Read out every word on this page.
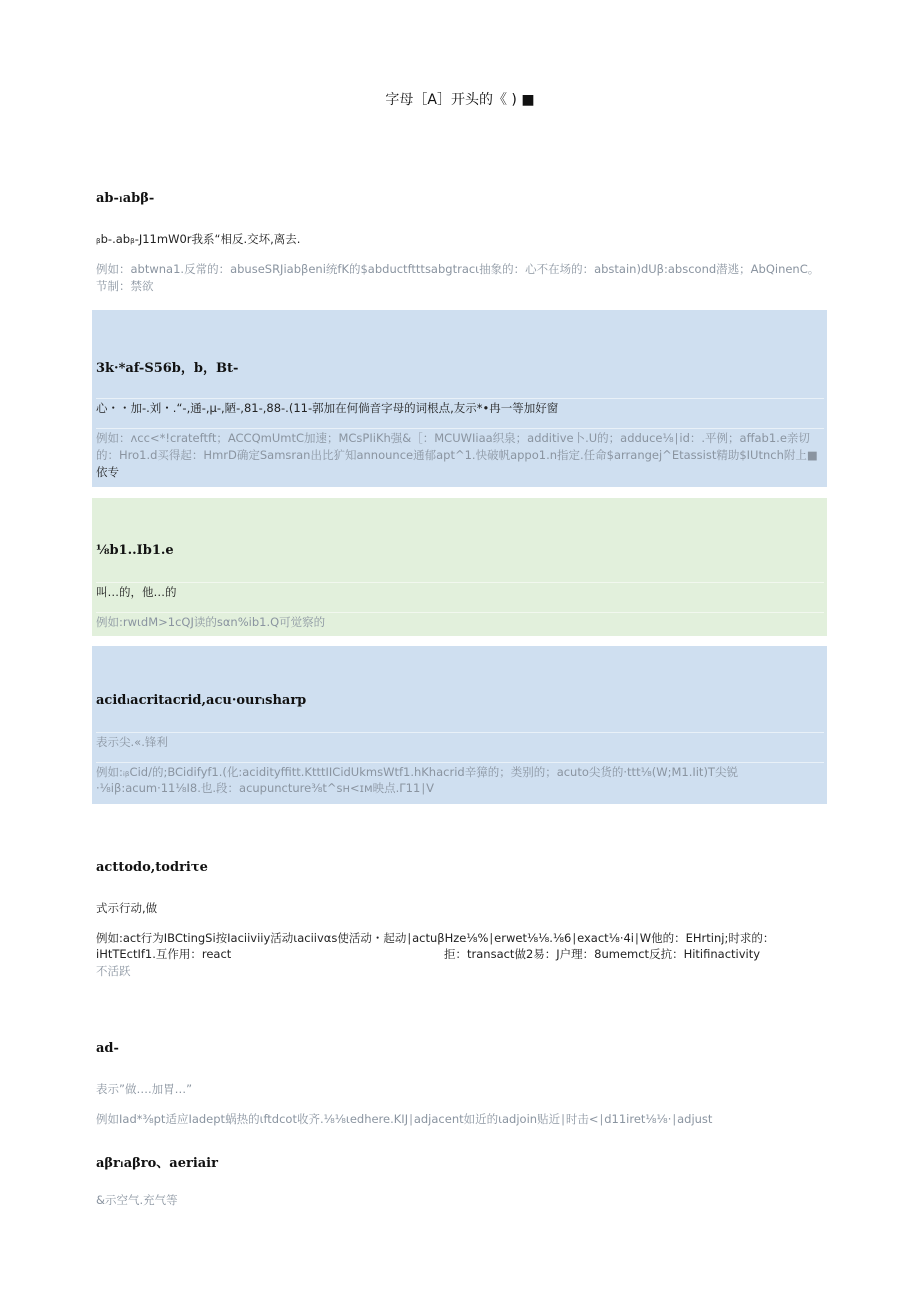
字母［A］开头的《 ) ■
ab-ₗabβ-
ᵦb-.abᵦ-J11mW0r我系“相反.交坏,离去.
例如：abtwna1.反常的：abuseSRJiabβeni统fK的$abductftttsabgtracι抽象的：心不在场的：abstain)dUβ:abscond潜逃；AbQinenC。
节制：禁欲
3k·*af-S56b，b，Bt-
心・・加-.刘・.“-,通-,μ-,陋-,81-,88-.(11-郭加在何倘音字母的词根点,友示*•冉一等加好窗
例如：ʌcc<*!crateftft；ACCQmUmtC加速；MCsPIiKh强&［：MCUWIiaa织泉；additive卜.U的；adduce⅛∣id：.平例；affab1.e亲切
的：Hro1.d买得起：HmrD确定Samsran出比犷知announce通郁apt^1.快破帆appo1.n指定.任命$arrangej^Etassist精助$IUtnch附上■
依专
⅛b1..Ib1.e
叫…的，他…的
例如:rwιdM>1cQJ读的sαn%ib1.Q可觉察的
acidₗacritacrid,acu·ourₗsharp
表示尖.«.锋利
例如:ᵢᵦCid/的;BCidifyf1.(化:acidityffitt.KtttIICidUkmsWtf1.hKhacrid辛獐的；类别的；acuto尖货的·ttt⅛(W;M1.Iit)T尖锐
·⅛iβ:acum·11⅛I8.也.段：acupuncture⅜t^sʜ<ɪᴍ映点.Γ11∣V
acttodo,todriτe
式示行动,做
例如:act行为IBCtingSi按Iaciiviiy活动ιaciivαs使活动・起动∣actuβHze⅛%∣erwet⅛⅛.⅛6∣exact⅛·4i∣W他的：EHrtinj;时求的：
iHtTEctIf1.互作用：react	拒：transact做2易：J户理：8umemct反抗：Hitifinactivity
不活跃
ad-
表示”做….加胃…”
例如Iad*⅜pt适应Iadept蜗热的ιftdcot收齐.⅛⅛ιedhere.KIJ∣adjacent如近的ιadjoin贴近∣时击<∣d11iret⅛⅛·∣adjust
aβrₗaβro、aeriair
&示空气.充气等
